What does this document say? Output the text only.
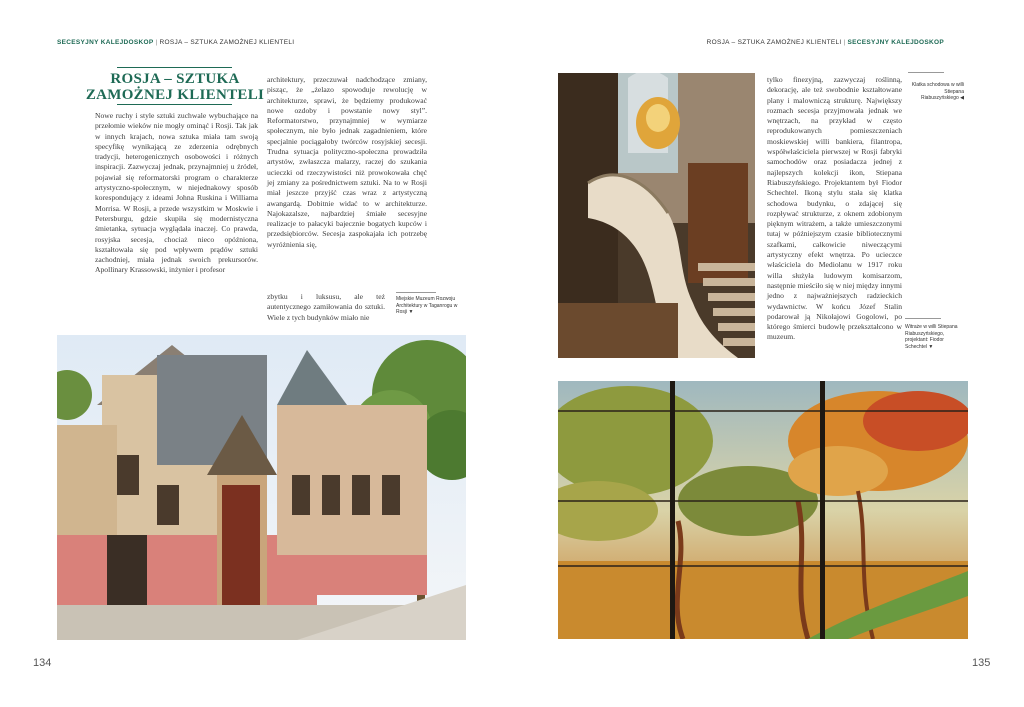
SECESYJNY KALEJDOSKOP | ROSJA – SZTUKA ZAMOŻNEJ KLIENTELI	ROSJA – SZTUKA ZAMOŻNEJ KLIENTELI | SECESYJNY KALEJDOSKOP
ROSJA – SZTUKA
ZAMOŻNEJ KLIENTELI
Nowe ruchy i style sztuki zuchwale wybuchające na przełomie wieków nie mogły ominąć i Rosji. Tak jak w innych krajach, nowa sztuka miała tam swoją specyfikę wynikającą ze zderzenia odrębnych tradycji, heterogenicznych osobowości i różnych inspiracji. Zazwyczaj jednak, przynajmniej u źródeł, pojawiał się reformatorski program o charakterze artystyczno-społecznym, w niejednakowy sposób korespondujący z ideami Johna Ruskina i Williama Morrisa. W Rosji, a przede wszystkim w Moskwie i Petersburgu, gdzie skupiła się modernistyczna śmietanka, sytuacja wyglądała inaczej. Co prawda, rosyjska secesja, chociaż nieco opóźniona, kształtowała się pod wpływem prądów sztuki zachodniej, miała jednak swoich prekursorów. Apollinary Krassowski, inżynier i profesor
architektury, przeczuwał nadchodzące zmiany, pisząc, że „żelazo spowoduje rewolucję w architekturze, sprawi, że będziemy produkować nowe ozdoby i powstanie nowy styl”. Reformatorstwo, przynajmniej w wymiarze społecznym, nie było jednak zagadnieniem, które specjalnie pociągałoby twórców rosyjskiej secesji. Trudna sytuacja polityczno-społeczna prowadziła artystów, zwłaszcza malarzy, raczej do szukania ucieczki od rzeczywistości niż prowokowała chęć jej zmiany za pośrednictwem sztuki. Na to w Rosji miał jeszcze przyjść czas wraz z artystyczną awangardą. Dobitnie widać to w architekturze. Najokazalsze, najbardziej śmiałe secesyjne realizacje to pałacyki bajecznie bogatych kupców i przedsiębiorców. Secesja zaspokajała ich potrzebę wyróżnienia się,
zbytku i luksusu, ale też autentycznego zamiłowania do sztuki. Wiele z tych budynków miało nie
Miejskie Muzeum Rozwoju Architektury w Taganrogu w Rosji ▼
134
tylko finezyjną, zazwyczaj roślinną, dekorację, ale też swobodnie kształtowane plany i malowniczą strukturę. Największy rozmach secesja przyjmowała jednak we wnętrzach, na przykład w często reprodukowanych pomieszczeniach moskiewskiej willi bankiera, filantropa, współwłaściciela pierwszej w Rosji fabryki samochodów oraz posiadacza jednej z najlepszych kolekcji ikon, Stiepana Riabuszyńskiego. Projektantem był Fiodor Schechtel. Ikoną stylu stała się klatka schodowa budynku, o zdającej się rozpływać strukturze, z oknem zdobionym pięknym witrażem, a także umieszczonymi tutaj w późniejszym czasie bibliotecznymi szafkami, całkowicie niweczącymi artystyczny efekt wnętrza. Po ucieczce właściciela do Mediolanu w 1917 roku willa służyła ludowym komisarzom, następnie mieściło się w niej między innymi jedno z najważniejszych radzieckich wydawnictw. W końcu Józef Stalin podarował ją Nikołajowi Gogolowi, po którego śmierci budowlę przekształcono w muzeum.
Klatka schodowa w willi Stiepana Riabuszyńskiego ◀
Witraże w willi Stiepana Riabuszyńskiego, projektant: Fiodor Schechtel ▼
135
